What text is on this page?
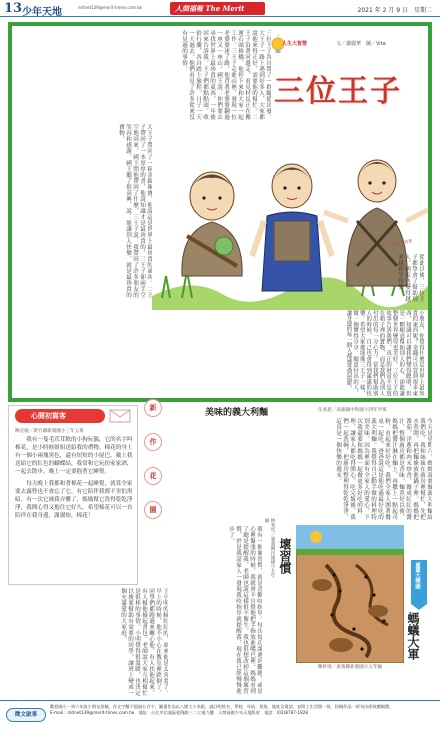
13 少年天地	mitnet139@merit-times.com.tw	人間福報 The Merit	2021 年 2 月 9 日　星期二
三位王子各自帶了一群隨從出發。大王子一路上遇到好多人，大家都說他來得正好，需要他的幫忙。二王子沿著河邊走，看見村民正在搬運石頭修橋，他停下來和大家一起工作。三王子走進山裡，發現一位老婆婆迷了路，他背著老婆婆翻過一座又一座山。國王說：你們要去尋找世界上最珍貴的東西，一年後回來告訴我。王子們都點點頭，收拾行囊，各自踏上旅程。日子一天一天過去，他們看見了許多從來沒有見過的事情。
大王子帶回了一箱金銀珠寶，他說這是世界上最珍貴的東西。二王子帶回了一本厚厚的書，他說知識才是最珍貴的。三王子卻兩手空空地回來，國王問他帶回了什麼，三王子說：我帶回了許多朋友的笑容和感謝。國王聽了很高興，說：能讓別人快樂，就是最珍貴的寶物。
人生大智慧	文／蕭麗華　圖／Vita
三位王子
願人人都是大智慧
從此以後，三位王子都學會了幫助別人，國家也變得越來越和平快樂。
小朋友，你覺得什麼是世界上最珍貴的東西呢？金錢可以買到很多東西，知識可以讓我們變得聰明，但是一顆願意幫助別人的心，卻能讓整個世界變得更美好。三位王子的故事告訴我們，真正的財富不是放在箱子裡的寶物，而是我們為別人付出的每一分心力。當我們幫助別人的時候，自己也會得到滿滿的快樂。希望大家都能像三王子一樣，做一個懂得分享、願意付出的人，讓身邊的每一個人都感受到溫暖。
心閱初寫客
陳宣媛／新竹縣新埔國小三年五班

我有一隻毛茸茸軟的小狗玩偶，它的名字叫棉花，是小時候姐姐送給我的禮物。棉花的身上有一個小兩塊黑色，還有短短的小尾巴，戴上我送給它的紅色的蝴蝶結，我常和它玩扮家家酒，一起去散步，晚上一定要抱著它睡覺。

每天晚上我都和著棉花一起睡覺，就算全家要去露營也不會忘了它，有它陪伴我都不害怕黑暗。有一次它被我弄髒了，媽媽幫它洗得乾乾淨淨，我開心得又抱住它好久。希望棉花可以一直陪伴在我身邊，謝謝妳，棉花！

新
作
花
園
美味的義大利麵	任承恩／高雄縣中和國小四年甲班
今天是星期六，媽媽說要做義大利麵給我們吃。我和妹妹在廚房裡幫忙，先把水煮開，再把麵條放進鍋子裡。媽媽把番茄、洋蔥和肉末炒香，做成紅紅的醬汁，整個廚房都是香味。麵煮好以後，媽媽把醬汁淋在麵上，再撒上一點起司粉，看起來好好吃。我們全家人圍著餐桌一起吃，爸爸說這是他吃過最好吃的義大利麵。我覺得自己動手做的料理特別美味，因為裡面有全家人的愛心。下次我還要和媽媽一起做更多好吃的料理，讓家人都吃得開心。吃完飯後，我們一起洗碗，把廚房整理得乾乾淨淨，這真是一個快樂的週末。
林宥廷／嘉義縣民雄國小五年級
壞習慣
我有一個壞習慣，就是喜歡咬指甲。每次寫功課遇到難題，或是心裡緊張的時候，我就會不自覺地把手指放進嘴巴裡。媽媽看到了總是提醒我，老師也說這樣很不衛生。我也很想改掉這個壞習慣，於是我請家人一發現我咬指甲就提醒我，現在我已經慢慢進步了。
王小明的臉紅紅的，原來他是太害羞了。早上的時候，他不小心在教室裡跌倒了，同學們都跑過來關心他，有人扶他起來，有人幫他撿起書包。老師說大家互相幫忙是很棒的事情。小明覺得很溫暖，也決定以後要幫助有需要的同學，讓班上變成一個充滿愛的大家庭。
童畫大樂園
陳妍靖／嘉義縣新港國小五年級
螞蟻大軍
徵文啟事

歡迎國小一到六年級小朋友投稿，作文字數不超過五百字，圖畫作品以八開大小為限，請註明姓名、學校、年級、班級、地址及電話，並附上生活照一張，投稿作品一經刊出即致贈稿費。

E-mail：mitnet139@merit-times.com.tw　地址：台北市信義區松隆路三二七號九樓　人間福報少年天地版收　電話：(02)8787-1828
